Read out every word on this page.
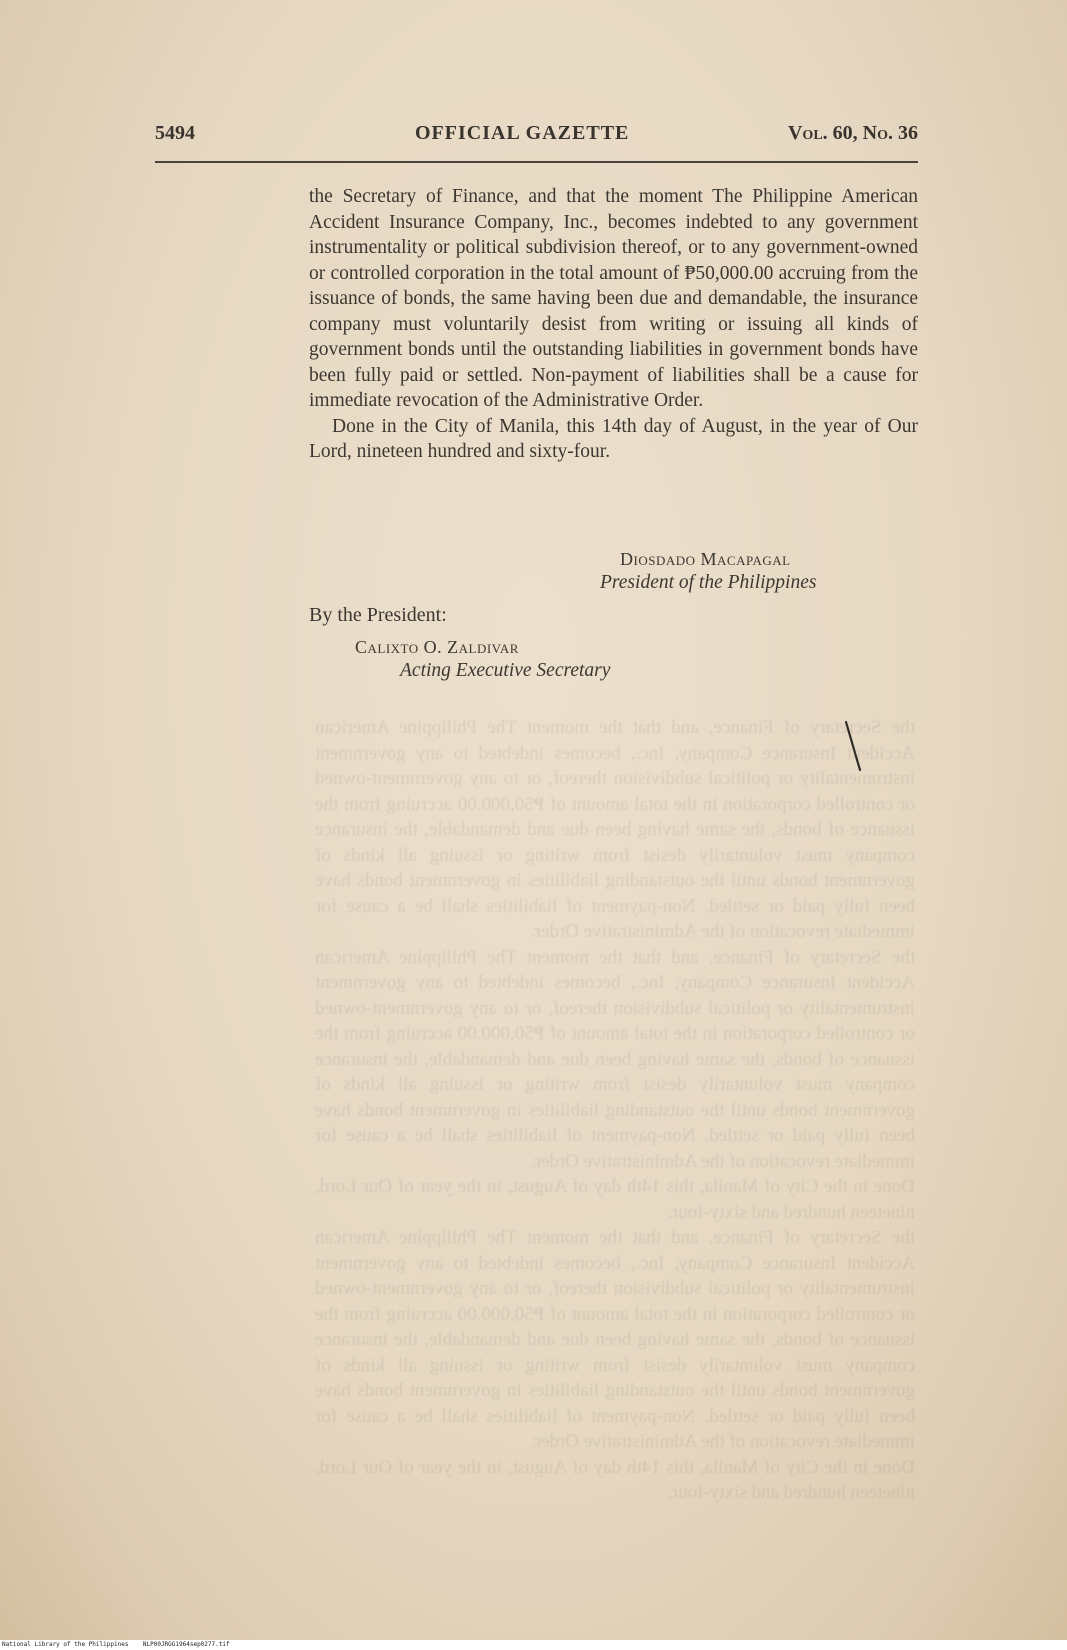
5494	OFFICIAL GAZETTE	Vol. 60, No. 36

the Secretary of Finance, and that the moment The Philippine American Accident Insurance Company, Inc., becomes indebted to any government instrumentality or political subdivision thereof, or to any government-owned or controlled corporation in the total amount of ₱50,000.00 accruing from the issuance of bonds, the same having been due and demandable, the insurance company must voluntarily desist from writing or issuing all kinds of government bonds until the outstanding liabilities in government bonds have been fully paid or settled. Non-payment of liabilities shall be a cause for immediate revocation of the Administrative Order.

Done in the City of Manila, this 14th day of August, in the year of Our Lord, nineteen hundred and sixty-four.

Diosdado Macapagal
President of the Philippines
By the President:
Calixto O. Zaldivar
Acting Executive Secretary

the Secretary of Finance, and that the moment The Philippine American Accident Insurance Company, Inc., becomes indebted to any government instrumentality or political subdivision thereof, or to any government-owned or controlled corporation in the total amount of ₱50,000.00 accruing from the issuance of bonds, the same having been due and demandable, the insurance company must voluntarily desist from writing or issuing all kinds of government bonds until the outstanding liabilities in government bonds have been fully paid or settled. Non-payment of liabilities shall be a cause for immediate revocation of the Administrative Order.

the Secretary of Finance, and that the moment The Philippine American Accident Insurance Company, Inc., becomes indebted to any government instrumentality or political subdivision thereof, or to any government-owned or controlled corporation in the total amount of ₱50,000.00 accruing from the issuance of bonds, the same having been due and demandable, the insurance company must voluntarily desist from writing or issuing all kinds of government bonds until the outstanding liabilities in government bonds have been fully paid or settled. Non-payment of liabilities shall be a cause for immediate revocation of the Administrative Order.

Done in the City of Manila, this 14th day of August, in the year of Our Lord, nineteen hundred and sixty-four.

the Secretary of Finance, and that the moment The Philippine American Accident Insurance Company, Inc., becomes indebted to any government instrumentality or political subdivision thereof, or to any government-owned or controlled corporation in the total amount of ₱50,000.00 accruing from the issuance of bonds, the same having been due and demandable, the insurance company must voluntarily desist from writing or issuing all kinds of government bonds until the outstanding liabilities in government bonds have been fully paid or settled. Non-payment of liabilities shall be a cause for immediate revocation of the Administrative Order.

Done in the City of Manila, this 14th day of August, in the year of Our Lord, nineteen hundred and sixty-four.

National Library of the Philippines    NLP00JRGG1964sep0277.tif
